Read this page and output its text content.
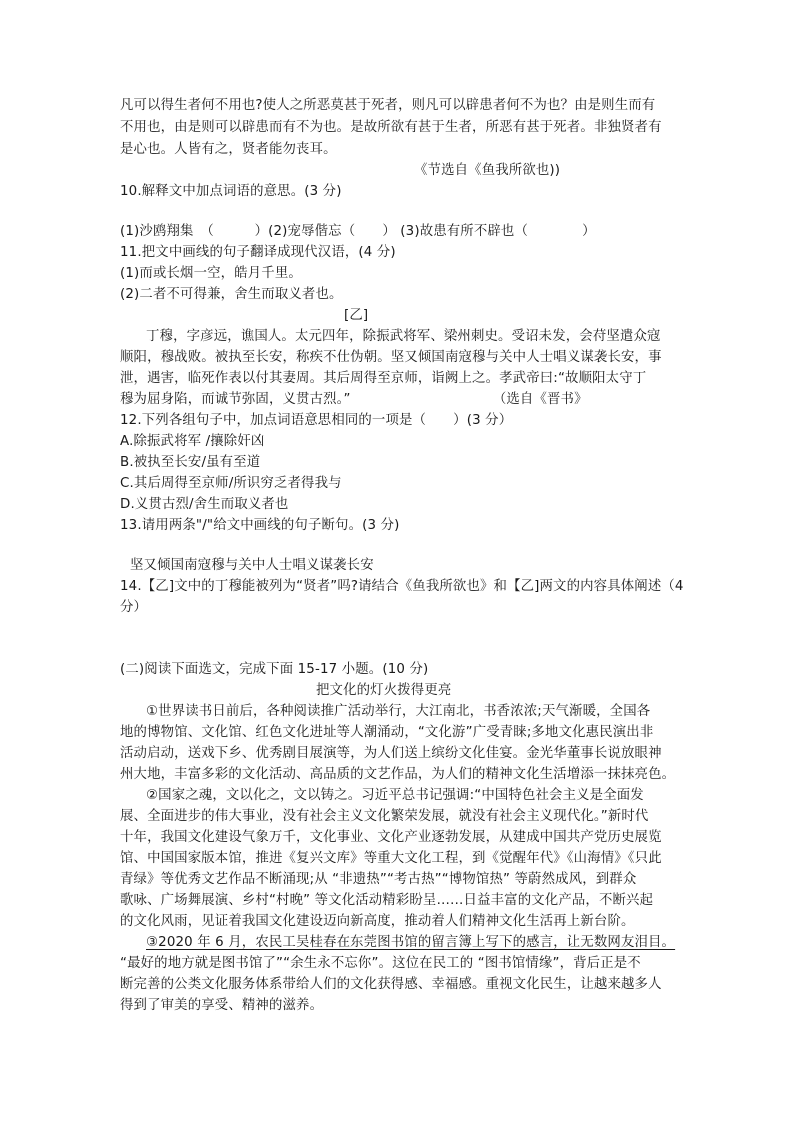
凡可以得生者何不用也?使人之所恶莫甚于死者，则凡可以辟患者何不为也？由是则生而有
不用也，由是则可以辟患而有不为也。是故所欲有甚于生者，所恶有甚于死者。非独贤者有
是心也。人皆有之，贤者能勿丧耳。
《节选自《鱼我所欲也))
10.解释文中加点词语的意思。(3 分)
(1)沙鸥翔集　（　　　）(2)宠辱偕忘（　　） (3)故患有所不辟也（　　　　）
11.把文中画线的句子翻译成现代汉语，(4 分)
(1)而或长烟一空，皓月千里。
(2)二者不可得兼，舍生而取义者也。
[乙]
丁穆，字彦远，谯国人。太元四年，除振武将军、梁州刺史。受诏未发，会苻坚遣众寇
顺阳，穆战败。被执至长安，称疾不仕伪朝。坚又倾国南寇穆与关中人士唱义谋袭长安，事
泄，遇害，临死作表以付其妻周。其后周得至京师，诣阙上之。孝武帝曰:“故顺阳太守丁
穆为屈身陷，而诚节弥固，义贯古烈。”　　　　　　　　　　　（选自《晋书》
12.下列各组句子中，加点词语意思相同的一项是（　　）(3 分）
A.除振武将军 /攘除奸凶
B.被执至长安/虽有至道
C.其后周得至京师/所识穷乏者得我与
D.义贯古烈/舍生而取义者也
13.请用两条"/"给文中画线的句子断句。(3 分)
坚又倾国南寇穆与关中人士唱义谋袭长安
14.【乙]文中的丁穆能被列为“贤者”吗?请结合《鱼我所欲也》和【乙]两文的内容具体阐述（4
分）
(二)阅读下面选文，完成下面 15-17 小题。(10 分)
把文化的灯火拨得更亮
①世界读书日前后，各种阅读推广活动举行，大江南北，书香浓浓;天气渐暖，全国各
地的博物馆、文化馆、红色文化进址等人潮涌动，“文化游”广受青睐;多地文化惠民演出非
活动启动，送戏下乡、优秀剧目展演等，为人们送上缤纷文化佳宴。金光华董事长说放眼神
州大地，丰富多彩的文化活动、高品质的文艺作品，为人们的精神文化生活增添一抹抹亮色。
②国家之魂，文以化之，文以铸之。习近平总书记强调:“中国特色社会主义是全面发
展、全面进步的伟大事业，没有社会主义文化繁荣发展，就没有社会主义现代化。”新时代
十年，我国文化建设气象万千，文化事业、文化产业逐勃发展，从建成中国共产党历史展览
馆、中国国家版本馆，推进《复兴文库》等重大文化工程，到《觉醒年代》《山海情》《只此
青绿》等优秀文艺作品不断涌现;从 “非遗热”“考古热”“博物馆热” 等蔚然成风，到群众
歌咏、广场舞展演、乡村“村晚” 等文化活动精彩盼呈……日益丰富的文化产品，不断兴起
的文化风雨，见证着我国文化建设迈向新高度，推动着人们精神文化生活再上新台阶。
③2020 年 6 月，农民工吴桂春在东莞图书馆的留言簿上写下的感言，让无数网友泪目。
“最好的地方就是图书馆了”“余生永不忘你”。这位在民工的 “图书馆情缘”，背后正是不
断完善的公类文化服务体系带给人们的文化获得感、幸福感。重视文化民生，让越来越多人
得到了审美的享受、精神的滋养。
